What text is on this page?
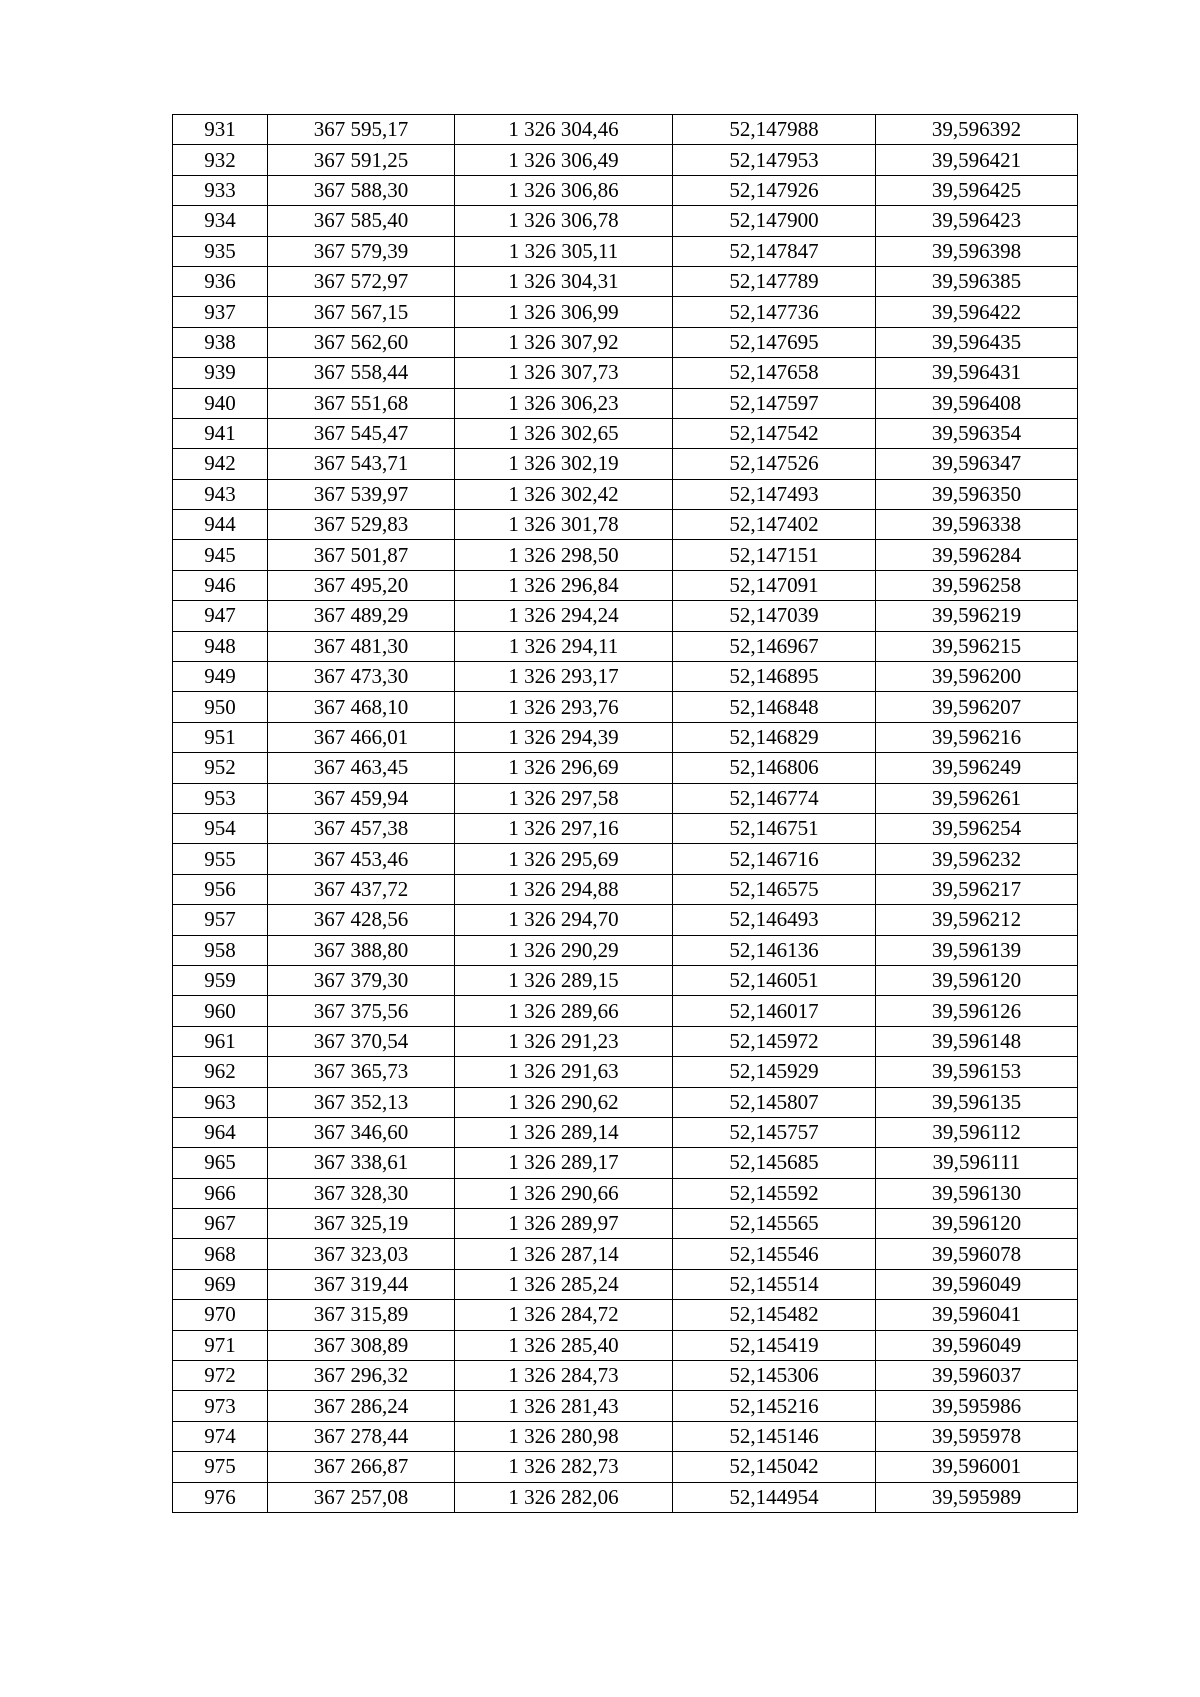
931	367 595,17	1 326 304,46	52,147988	39,596392
932	367 591,25	1 326 306,49	52,147953	39,596421
933	367 588,30	1 326 306,86	52,147926	39,596425
934	367 585,40	1 326 306,78	52,147900	39,596423
935	367 579,39	1 326 305,11	52,147847	39,596398
936	367 572,97	1 326 304,31	52,147789	39,596385
937	367 567,15	1 326 306,99	52,147736	39,596422
938	367 562,60	1 326 307,92	52,147695	39,596435
939	367 558,44	1 326 307,73	52,147658	39,596431
940	367 551,68	1 326 306,23	52,147597	39,596408
941	367 545,47	1 326 302,65	52,147542	39,596354
942	367 543,71	1 326 302,19	52,147526	39,596347
943	367 539,97	1 326 302,42	52,147493	39,596350
944	367 529,83	1 326 301,78	52,147402	39,596338
945	367 501,87	1 326 298,50	52,147151	39,596284
946	367 495,20	1 326 296,84	52,147091	39,596258
947	367 489,29	1 326 294,24	52,147039	39,596219
948	367 481,30	1 326 294,11	52,146967	39,596215
949	367 473,30	1 326 293,17	52,146895	39,596200
950	367 468,10	1 326 293,76	52,146848	39,596207
951	367 466,01	1 326 294,39	52,146829	39,596216
952	367 463,45	1 326 296,69	52,146806	39,596249
953	367 459,94	1 326 297,58	52,146774	39,596261
954	367 457,38	1 326 297,16	52,146751	39,596254
955	367 453,46	1 326 295,69	52,146716	39,596232
956	367 437,72	1 326 294,88	52,146575	39,596217
957	367 428,56	1 326 294,70	52,146493	39,596212
958	367 388,80	1 326 290,29	52,146136	39,596139
959	367 379,30	1 326 289,15	52,146051	39,596120
960	367 375,56	1 326 289,66	52,146017	39,596126
961	367 370,54	1 326 291,23	52,145972	39,596148
962	367 365,73	1 326 291,63	52,145929	39,596153
963	367 352,13	1 326 290,62	52,145807	39,596135
964	367 346,60	1 326 289,14	52,145757	39,596112
965	367 338,61	1 326 289,17	52,145685	39,596111
966	367 328,30	1 326 290,66	52,145592	39,596130
967	367 325,19	1 326 289,97	52,145565	39,596120
968	367 323,03	1 326 287,14	52,145546	39,596078
969	367 319,44	1 326 285,24	52,145514	39,596049
970	367 315,89	1 326 284,72	52,145482	39,596041
971	367 308,89	1 326 285,40	52,145419	39,596049
972	367 296,32	1 326 284,73	52,145306	39,596037
973	367 286,24	1 326 281,43	52,145216	39,595986
974	367 278,44	1 326 280,98	52,145146	39,595978
975	367 266,87	1 326 282,73	52,145042	39,596001
976	367 257,08	1 326 282,06	52,144954	39,595989
